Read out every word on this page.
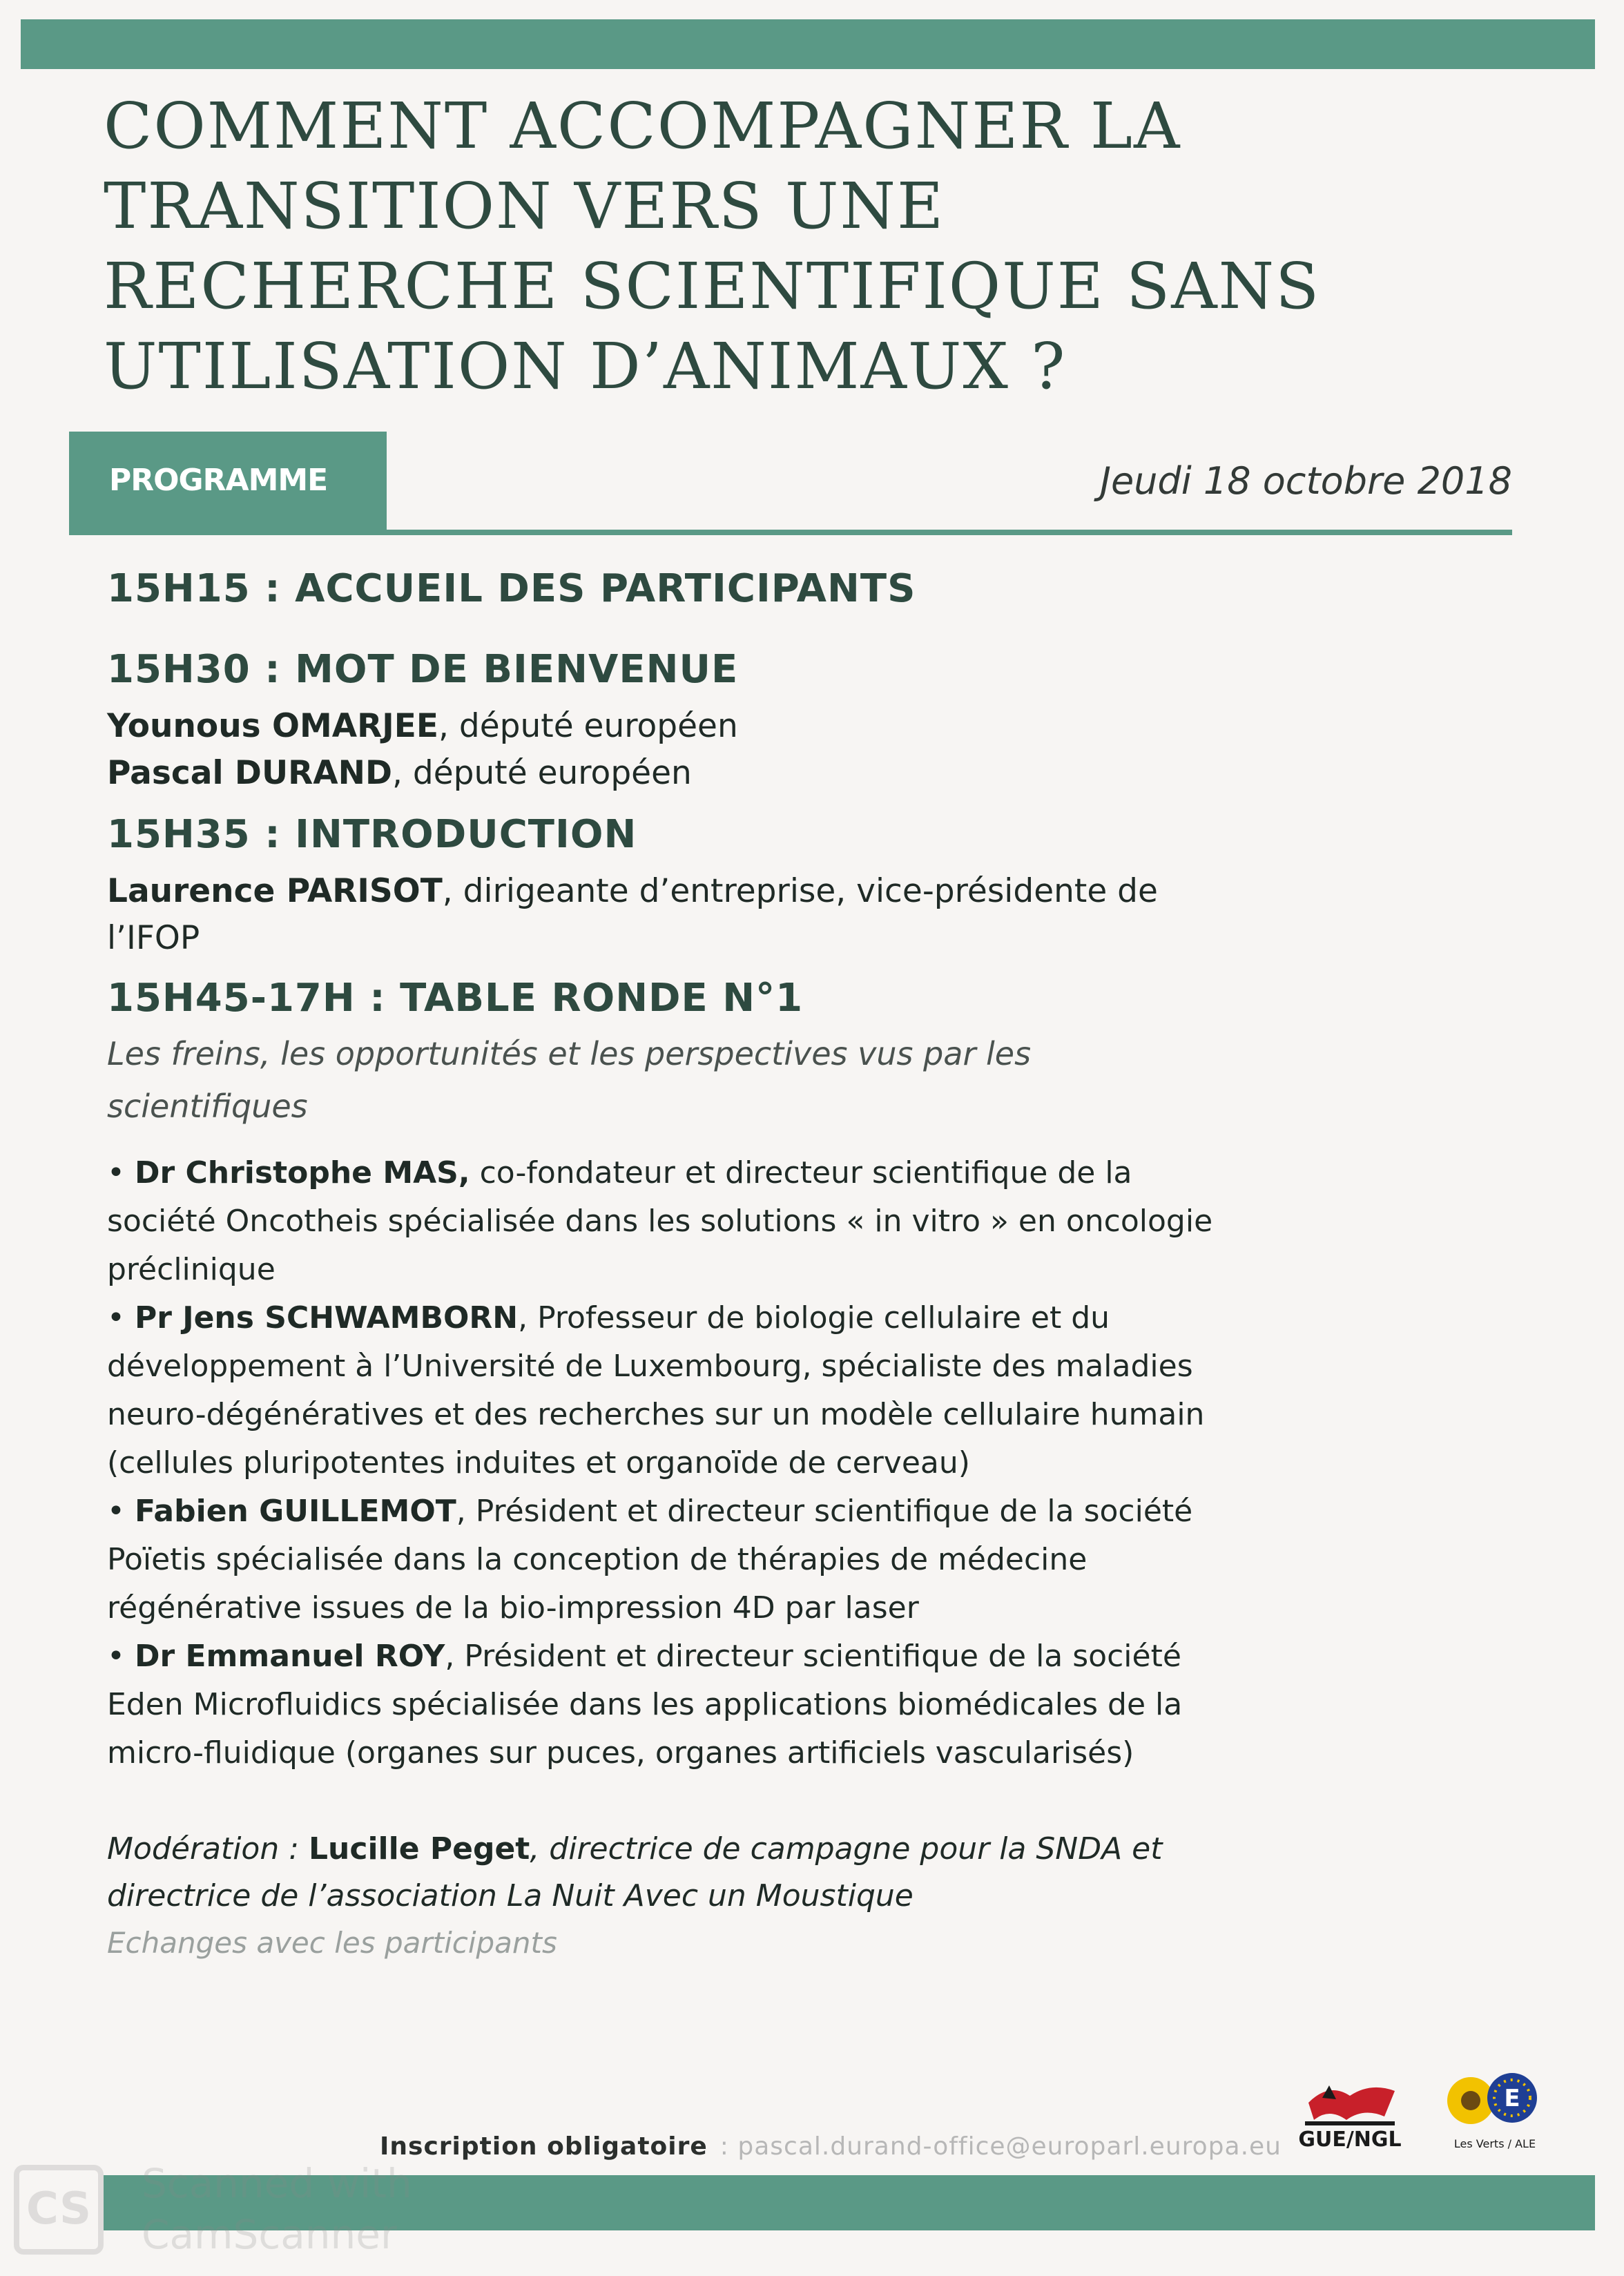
COMMENT ACCOMPAGNER LA
TRANSITION VERS UNE
RECHERCHE SCIENTIFIQUE SANS
UTILISATION D’ANIMAUX ?
PROGRAMME	Jeudi 18 octobre 2018
15H15 : ACCUEIL DES PARTICIPANTS
15H30 : MOT DE BIENVENUE

Younous OMARJEE, député européen

Pascal DURAND, député européen

15H35 : INTRODUCTION

Laurence PARISOT, dirigeante d’entreprise, vice-présidente de

l’IFOP

15H45-17H : TABLE RONDE N°1

Les freins, les opportunités et les perspectives vus par les

scientifiques

• Dr Christophe MAS, co-fondateur et directeur scientifique de la

société Oncotheis spécialisée dans les solutions « in vitro » en oncologie

préclinique

• Pr Jens SCHWAMBORN, Professeur de biologie cellulaire et du

développement à l’Université de Luxembourg, spécialiste des maladies

neuro-dégénératives et des recherches sur un modèle cellulaire humain

(cellules pluripotentes induites et organoïde de cerveau)

• Fabien GUILLEMOT, Président et directeur scientifique de la société

Poïetis spécialisée dans la conception de thérapies de médecine

régénérative issues de la bio-impression 4D par laser

• Dr Emmanuel ROY, Président et directeur scientifique de la société

Eden Microfluidics spécialisée dans les applications biomédicales de la

micro-fluidique (organes sur puces, organes artificiels vascularisés)

Modération : Lucille Peget, directrice de campagne pour la SNDA et

directrice de l’association La Nuit Avec un Moustique

Echanges avec les participants

Inscription obligatoire : pascal.durand-office@europarl.europa.eu GUE/NGL
E
Les Verts / ALE
CS	Scanned with
CamScanner
